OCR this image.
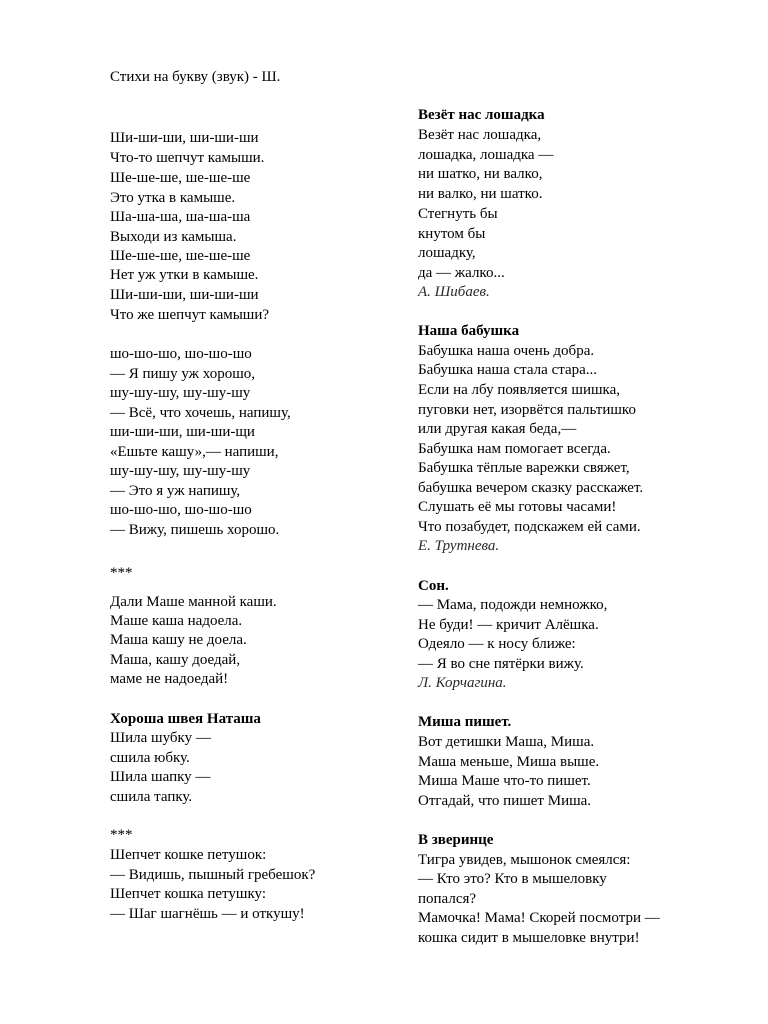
Стихи на букву (звук) - Ш.
Ши-ши-ши, ши-ши-ши
Что-то шепчут камыши.
Ше-ше-ше, ше-ше-ше
Это утка в камыше.
Ша-ша-ша, ша-ша-ша
Выходи из камыша.
Ше-ше-ше, ше-ше-ше
Нет уж утки в камыше.
Ши-ши-ши, ши-ши-ши
Что же шепчут камыши?
шо-шо-шо, шо-шо-шо
— Я пишу уж хорошо,
шу-шу-шу, шу-шу-шу
— Всё, что хочешь, напишу,
ши-ши-ши, ши-ши-щи
«Ешьте кашу»,— напиши,
шу-шу-шу, шу-шу-шу
— Это я уж напишу,
шо-шо-шо, шо-шо-шо
— Вижу, пишешь хорошо.
***
Дали Маше манной каши.
Маше каша надоела.
Маша кашу не доела.
Маша, кашу доедай,
маме не надоедай!
Хороша швея Наташа
Шила шубку —
сшила юбку.
Шила шапку —
сшила тапку.
***
Шепчет кошке петушок:
— Видишь, пышный гребешок?
Шепчет кошка петушку:
— Шаг шагнёшь — и откушу!
Везёт нас лошадка
Везёт нас лошадка,
лошадка, лошадка —
ни шатко, ни валко,
ни валко, ни шатко.
Стегнуть бы
кнутом бы
лошадку,
да — жалко...
А. Шибаев.
Наша бабушка
Бабушка наша очень добра.
Бабушка наша стала стара...
Если на лбу появляется шишка,
пуговки нет, изорвётся пальтишко
или другая какая беда,—
Бабушка нам помогает всегда.
Бабушка тёплые варежки свяжет,
бабушка вечером сказку расскажет.
Слушать её мы готовы часами!
Что позабудет, подскажем ей сами.
Е. Трутнева.
Сон.
— Мама, подожди немножко,
Не буди! — кричит Алёшка.
Одеяло — к носу ближе:
— Я во сне пятёрки вижу.
Л. Корчагина.
Миша пишет.
Вот детишки Маша, Миша.
Маша меньше, Миша выше.
Миша Маше что-то пишет.
Отгадай, что пишет Миша.
В зверинце
Тигра увидев, мышонок смеялся:
— Кто это? Кто в мышеловку
попался?
Мамочка! Мама! Скорей посмотри —
кошка сидит в мышеловке внутри!
